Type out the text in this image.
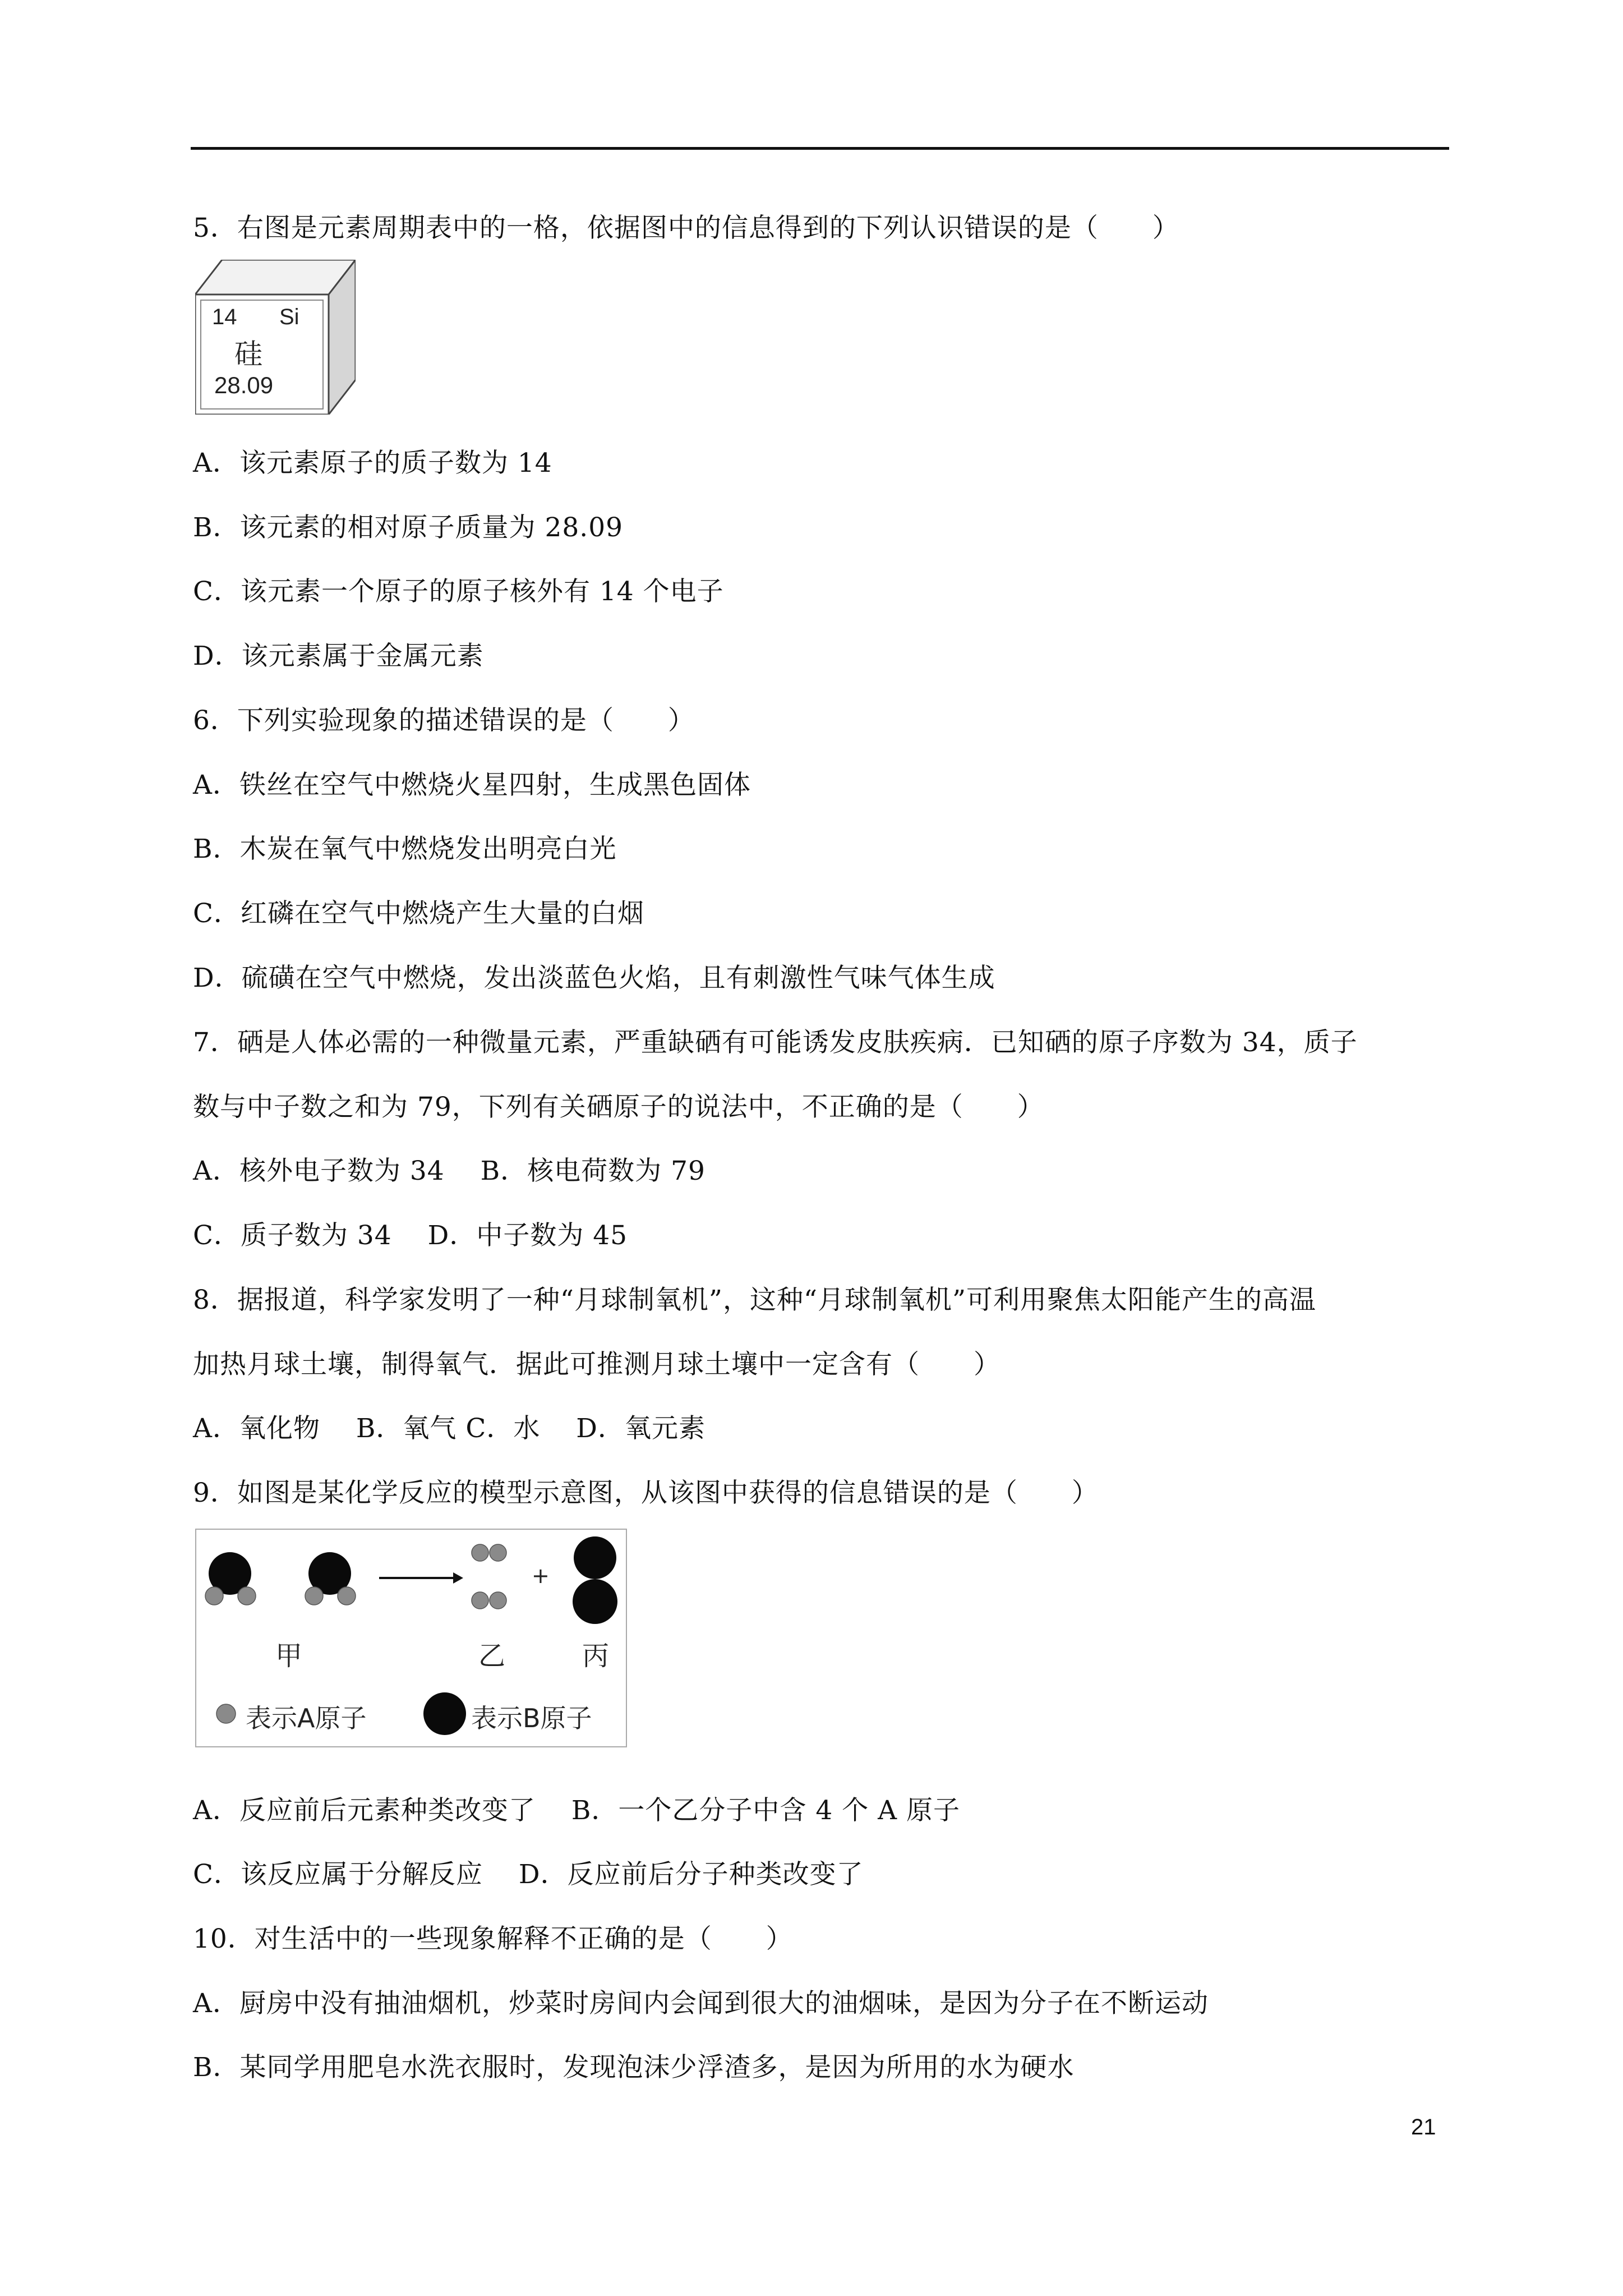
5．右图是元素周期表中的一格，依据图中的信息得到的下列认识错误的是（　　）
14 Si
硅
28.09
A．该元素原子的质子数为 14
B．该元素的相对原子质量为 28.09
C．该元素一个原子的原子核外有 14 个电子
D．该元素属于金属元素
6．下列实验现象的描述错误的是（　　）
A．铁丝在空气中燃烧火星四射，生成黑色固体
B．木炭在氧气中燃烧发出明亮白光
C．红磷在空气中燃烧产生大量的白烟
D．硫磺在空气中燃烧，发出淡蓝色火焰，且有刺激性气味气体生成
7．硒是人体必需的一种微量元素，严重缺硒有可能诱发皮肤疾病．已知硒的原子序数为 34，质子
数与中子数之和为 79，下列有关硒原子的说法中，不正确的是（　　）
A．核外电子数为 34　 B．核电荷数为 79
C．质子数为 34　 D．中子数为 45
8．据报道，科学家发明了一种“月球制氧机”，这种“月球制氧机”可利用聚焦太阳能产生的高温
加热月球土壤，制得氧气．据此可推测月球土壤中一定含有（　　）
A．氧化物　 B．氧气 C．水　 D．氧元素
9．如图是某化学反应的模型示意图，从该图中获得的信息错误的是（　　）
甲	乙	丙
+
表示A原子	表示B原子
A．反应前后元素种类改变了　 B．一个乙分子中含 4 个 A 原子
C．该反应属于分解反应　 D．反应前后分子种类改变了
10．对生活中的一些现象解释不正确的是（　　）
A．厨房中没有抽油烟机，炒菜时房间内会闻到很大的油烟味，是因为分子在不断运动
B．某同学用肥皂水洗衣服时，发现泡沫少浮渣多，是因为所用的水为硬水
21
